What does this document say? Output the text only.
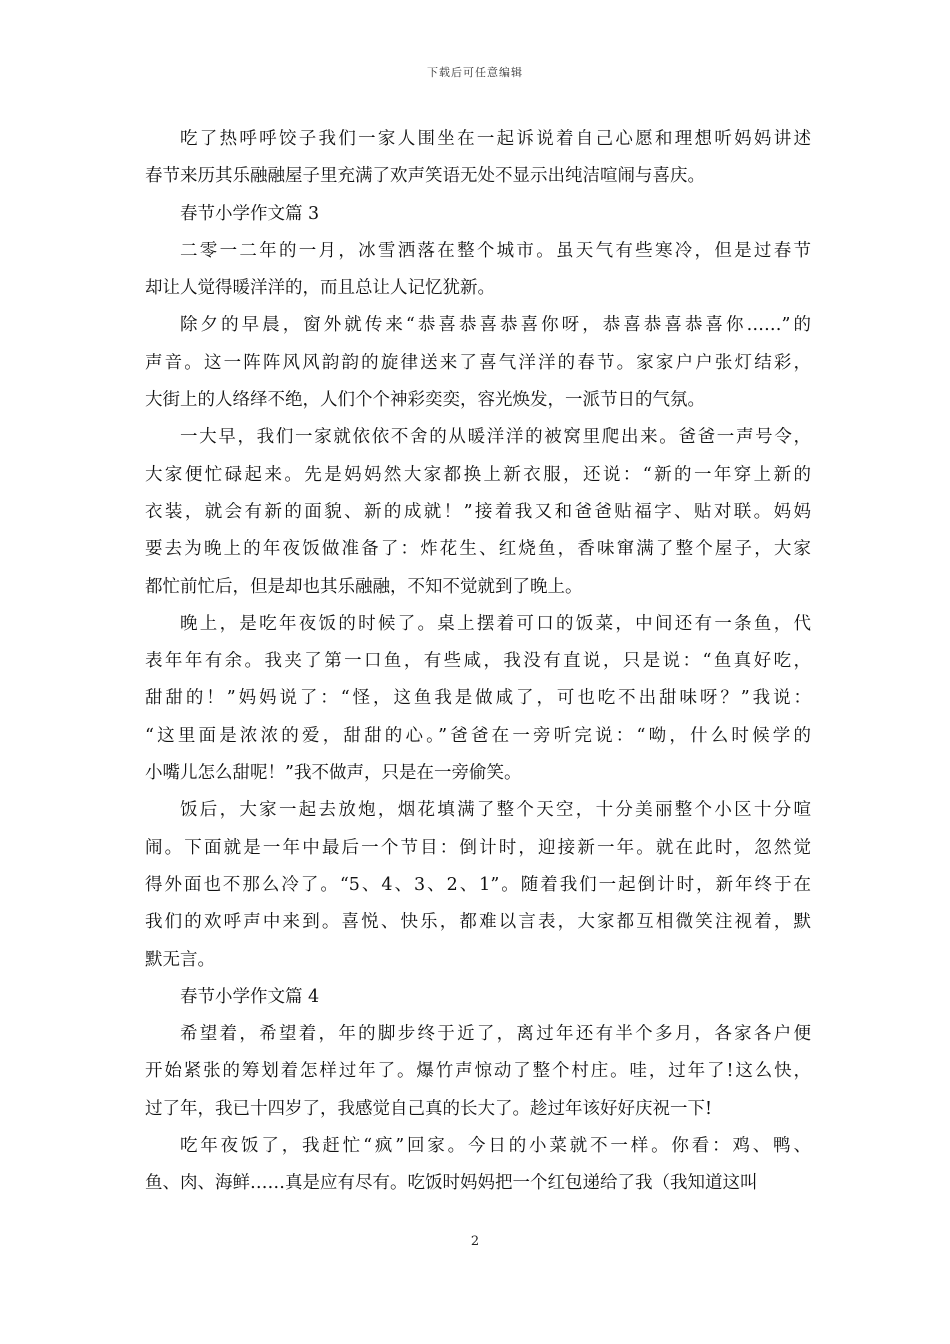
下载后可任意编辑
吃了热呼呼饺子我们一家人围坐在一起诉说着自己心愿和理想听妈妈讲述
春节来历其乐融融屋子里充满了欢声笑语无处不显示出纯洁喧闹与喜庆。
春节小学作文篇 3
二零一二年的一月，冰雪洒落在整个城市。虽天气有些寒冷，但是过春节
却让人觉得暖洋洋的，而且总让人记忆犹新。
除夕的早晨，窗外就传来“恭喜恭喜恭喜你呀，恭喜恭喜恭喜你……”的
声音。这一阵阵风风韵韵的旋律送来了喜气洋洋的春节。家家户户张灯结彩，
大街上的人络绎不绝，人们个个神彩奕奕，容光焕发，一派节日的气氛。
一大早，我们一家就依依不舍的从暖洋洋的被窝里爬出来。爸爸一声号令，
大家便忙碌起来。先是妈妈然大家都换上新衣服，还说：“新的一年穿上新的
衣装，就会有新的面貌、新的成就！”接着我又和爸爸贴福字、贴对联。妈妈
要去为晚上的年夜饭做准备了：炸花生、红烧鱼，香味窜满了整个屋子，大家
都忙前忙后，但是却也其乐融融，不知不觉就到了晚上。
晚上，是吃年夜饭的时候了。桌上摆着可口的饭菜，中间还有一条鱼，代
表年年有余。我夹了第一口鱼，有些咸，我没有直说，只是说：“鱼真好吃，
甜甜的！”妈妈说了：“怪，这鱼我是做咸了，可也吃不出甜味呀？”我说：
“这里面是浓浓的爱，甜甜的心。”爸爸在一旁听完说：“呦，什么时候学的
小嘴儿怎么甜呢！”我不做声，只是在一旁偷笑。
饭后，大家一起去放炮，烟花填满了整个天空，十分美丽整个小区十分喧
闹。下面就是一年中最后一个节目：倒计时，迎接新一年。就在此时，忽然觉
得外面也不那么冷了。“5、4、3、2、1”。随着我们一起倒计时，新年终于在
我们的欢呼声中来到。喜悦、快乐，都难以言表，大家都互相微笑注视着，默
默无言。
春节小学作文篇 4
希望着，希望着，年的脚步终于近了，离过年还有半个多月，各家各户便
开始紧张的筹划着怎样过年了。爆竹声惊动了整个村庄。哇，过年了!这么快，
过了年，我已十四岁了，我感觉自己真的长大了。趁过年该好好庆祝一下!
吃年夜饭了，我赶忙“疯”回家。今日的小菜就不一样。你看：鸡、鸭、
鱼、肉、海鲜……真是应有尽有。吃饭时妈妈把一个红包递给了我（我知道这叫
2
